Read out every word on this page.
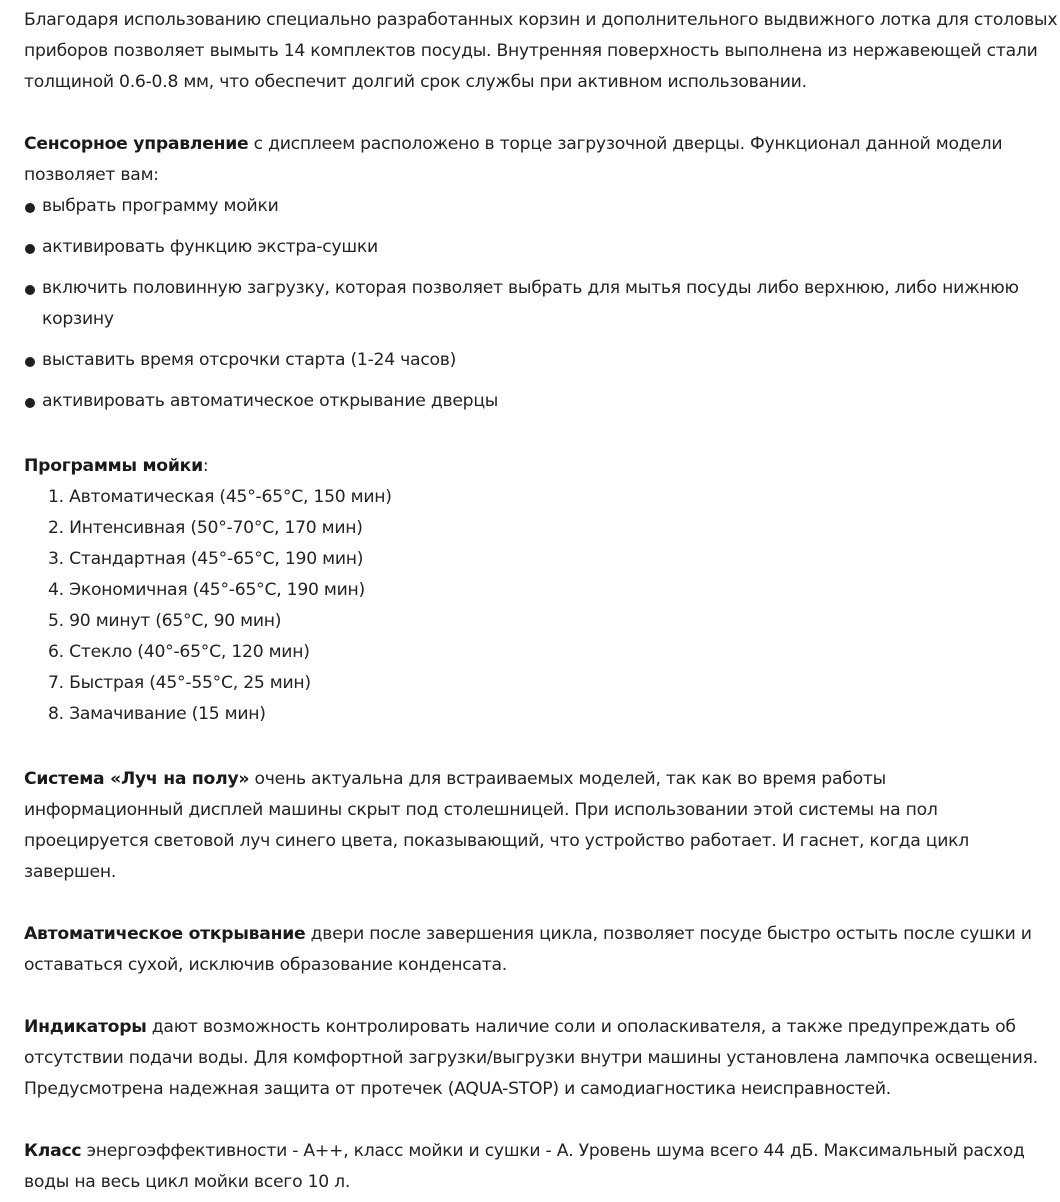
Благодаря использованию специально разработанных корзин и дополнительного выдвижного лотка для столовых приборов позволяет вымыть 14 комплектов посуды. Внутренняя поверхность выполнена из нержавеющей стали толщиной 0.6-0.8 мм, что обеспечит долгий срок службы при активном использовании.

Сенсорное управление с дисплеем расположено в торце загрузочной дверцы. Функционал данной модели позволяет вам:

выбрать программу мойки
активировать функцию экстра-сушки
включить половинную загрузку, которая позволяет выбрать для мытья посуды либо верхнюю, либо нижнюю корзину
выставить время отсрочки старта (1-24 часов)
активировать автоматическое открывание дверцы

Программы мойки:

1. Автоматическая (45°-65°С, 150 мин)
2. Интенсивная (50°-70°С, 170 мин)
3. Стандартная (45°-65°С, 190 мин)
4. Экономичная (45°-65°С, 190 мин)
5. 90 минут (65°С, 90 мин)
6. Стекло (40°-65°С, 120 мин)
7. Быстрая (45°-55°С, 25 мин)
8. Замачивание (15 мин)

Система «Луч на полу» очень актуальна для встраиваемых моделей, так как во время работы информационный дисплей машины скрыт под столешницей. При использовании этой системы на пол проецируется световой луч синего цвета, показывающий, что устройство работает. И гаснет, когда цикл завершен.

Автоматическое открывание двери после завершения цикла, позволяет посуде быстро остыть после сушки и оставаться сухой, исключив образование конденсата.

Индикаторы дают возможность контролировать наличие соли и ополаскивателя, а также предупреждать об отсутствии подачи воды. Для комфортной загрузки/выгрузки внутри машины установлена лампочка освещения. Предусмотрена надежная защита от протечек (AQUA-STOP) и самодиагностика неисправностей.

Класс энергоэффективности - А++, класс мойки и сушки - А. Уровень шума всего 44 дБ. Максимальный расход воды на весь цикл мойки всего 10 л.
